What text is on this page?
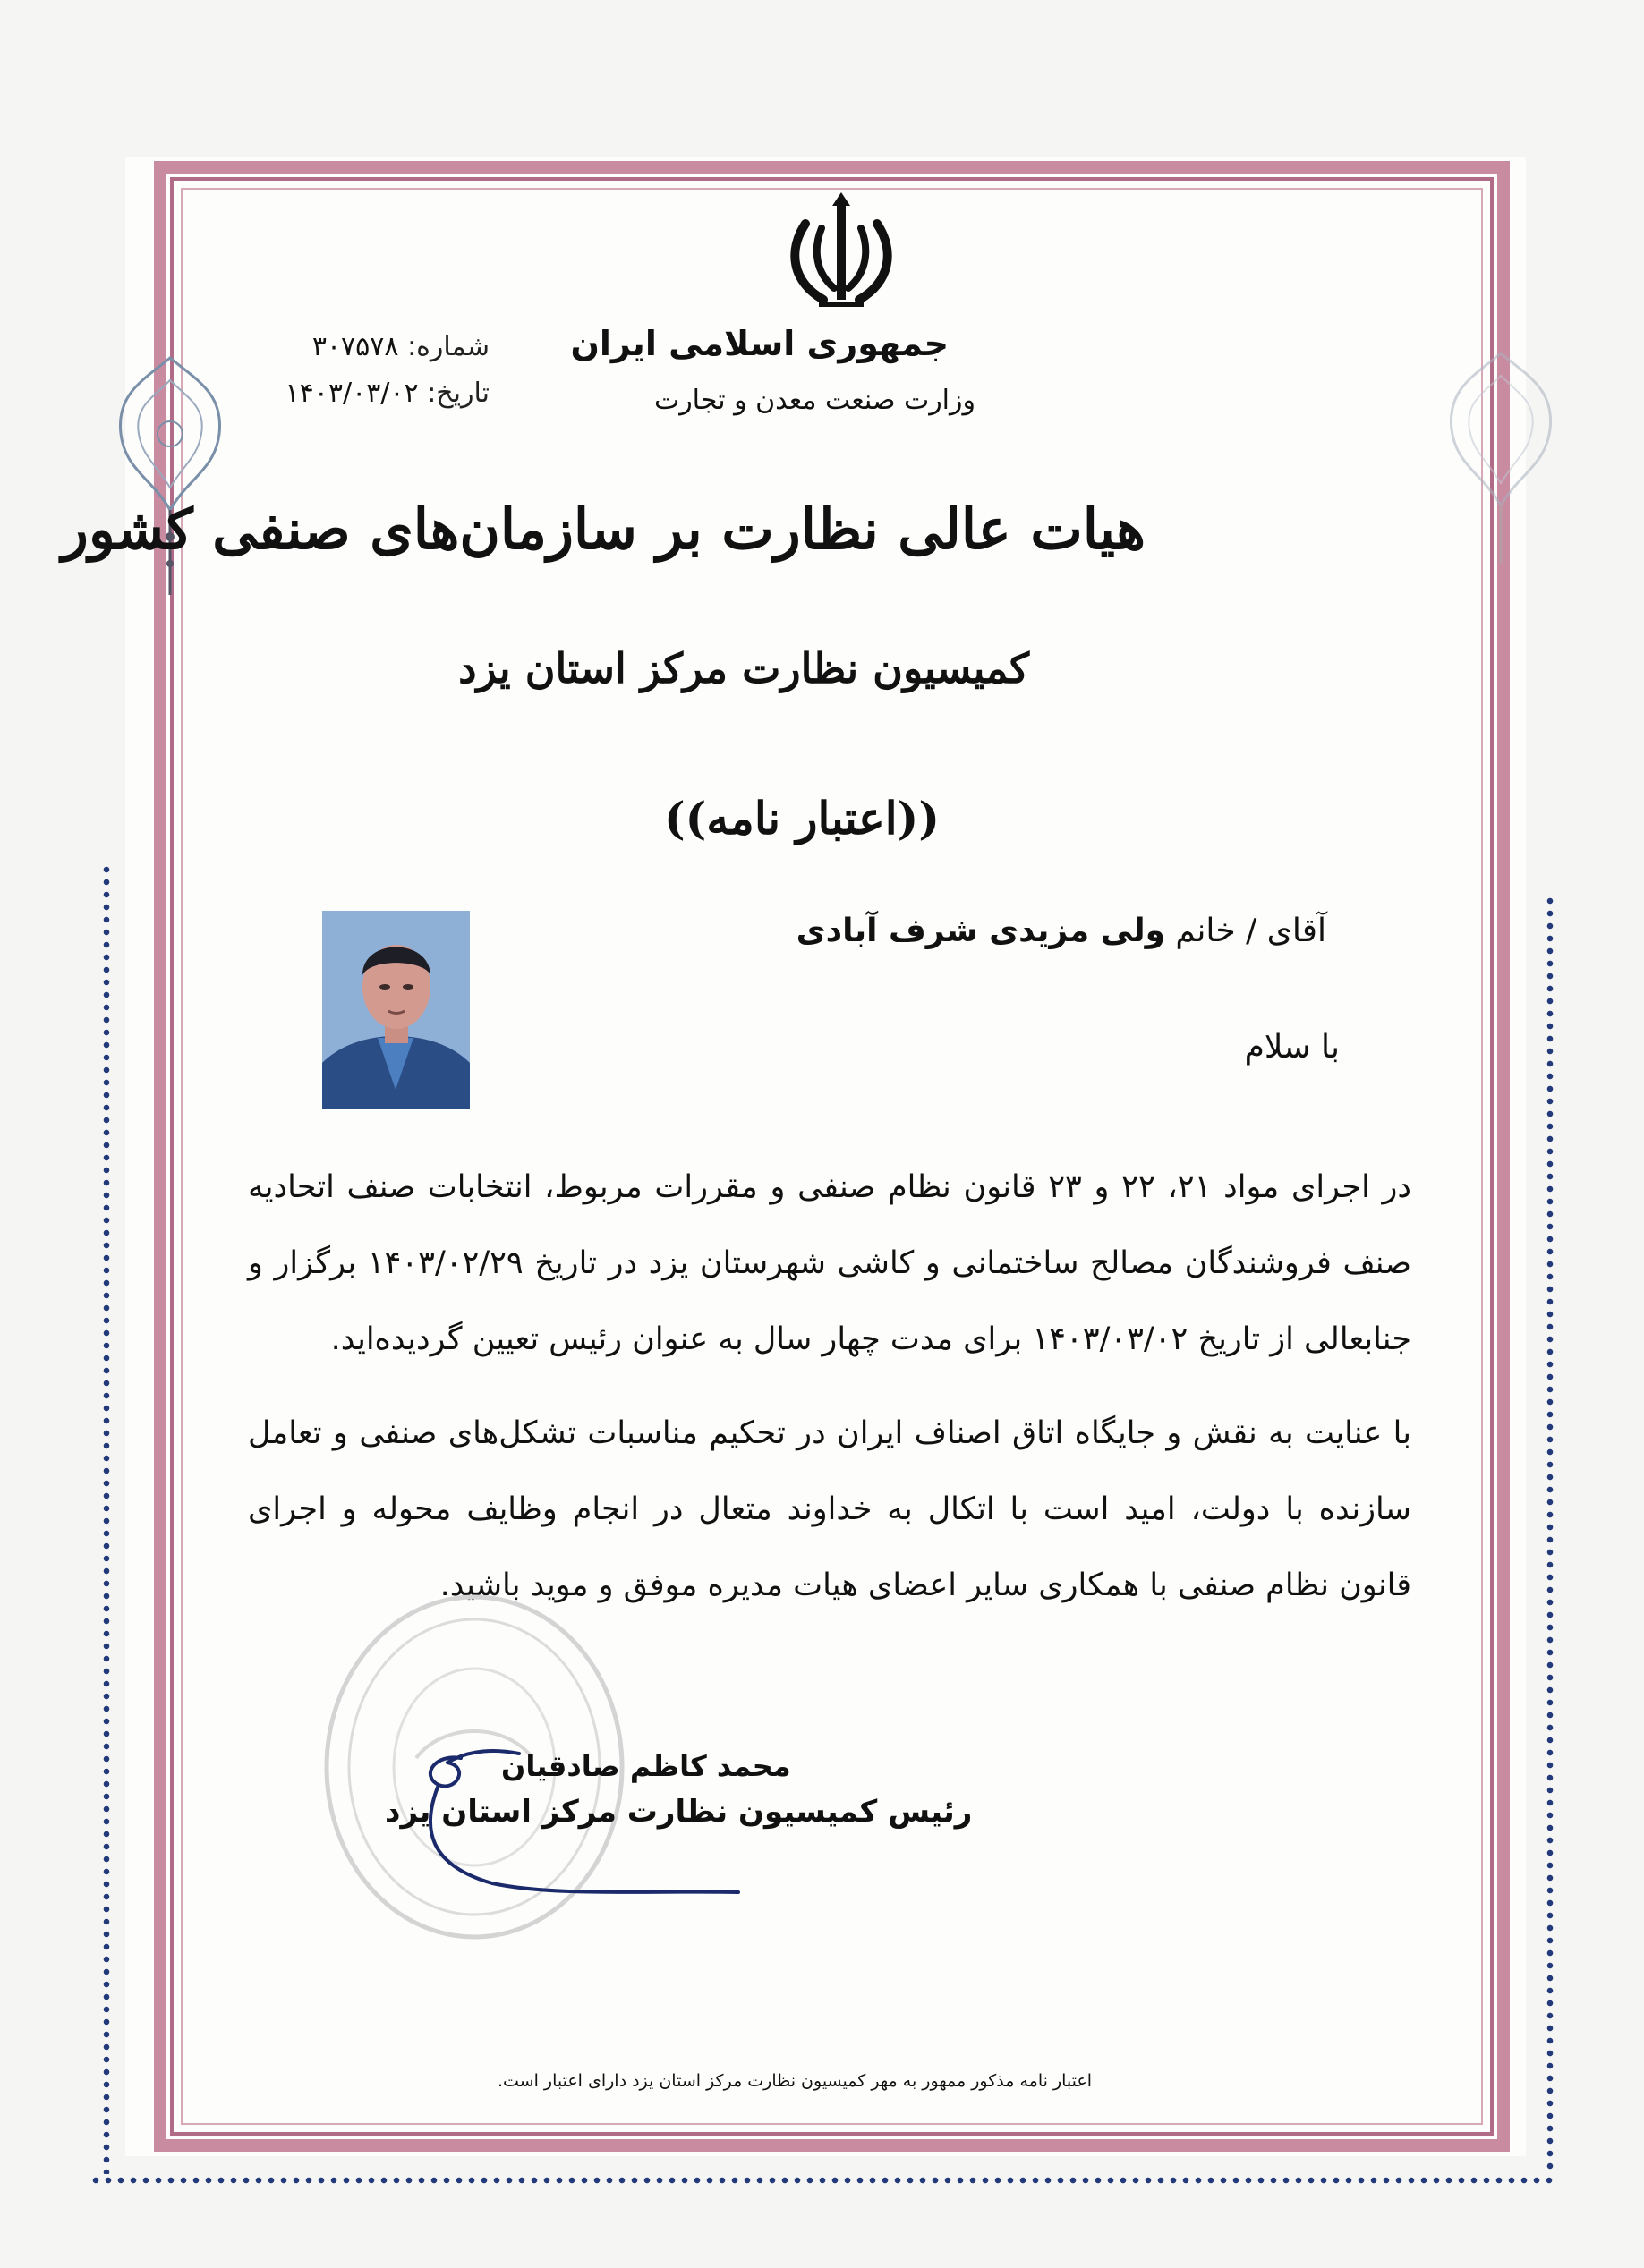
جمهوری اسلامی ایران
وزارت صنعت معدن و تجارت
شماره: ۳۰۷۵۷۸
تاریخ: ۱۴۰۳/۰۳/۰۲
هیات عالی نظارت بر سازمان‌های صنفی کشور
کمیسیون نظارت مرکز استان یزد
((اعتبار نامه))
آقای / خانم ولی مزیدی شرف آبادی
با سلام
در اجرای مواد ۲۱، ۲۲ و ۲۳ قانون نظام صنفی و مقررات مربوط، انتخابات صنف اتحادیه صنف فروشندگان مصالح ساختمانی و کاشی شهرستان یزد در تاریخ ۱۴۰۳/۰۲/۲۹ برگزار و جنابعالی از تاریخ ۱۴۰۳/۰۳/۰۲ برای مدت چهار سال به عنوان رئیس تعیین گردیده‌اید.
با عنایت به نقش و جایگاه اتاق اصناف ایران در تحکیم مناسبات تشکل‌های صنفی و تعامل سازنده با دولت، امید است با اتکال به خداوند متعال در انجام وظایف محوله و اجرای قانون نظام صنفی با همکاری سایر اعضای هیات مدیره موفق و موید باشید.
محمد کاظم صادقیان
رئیس کمیسیون نظارت مرکز استان یزد
اعتبار نامه مذکور ممهور به مهر کمیسیون نظارت مرکز استان یزد دارای اعتبار است.
